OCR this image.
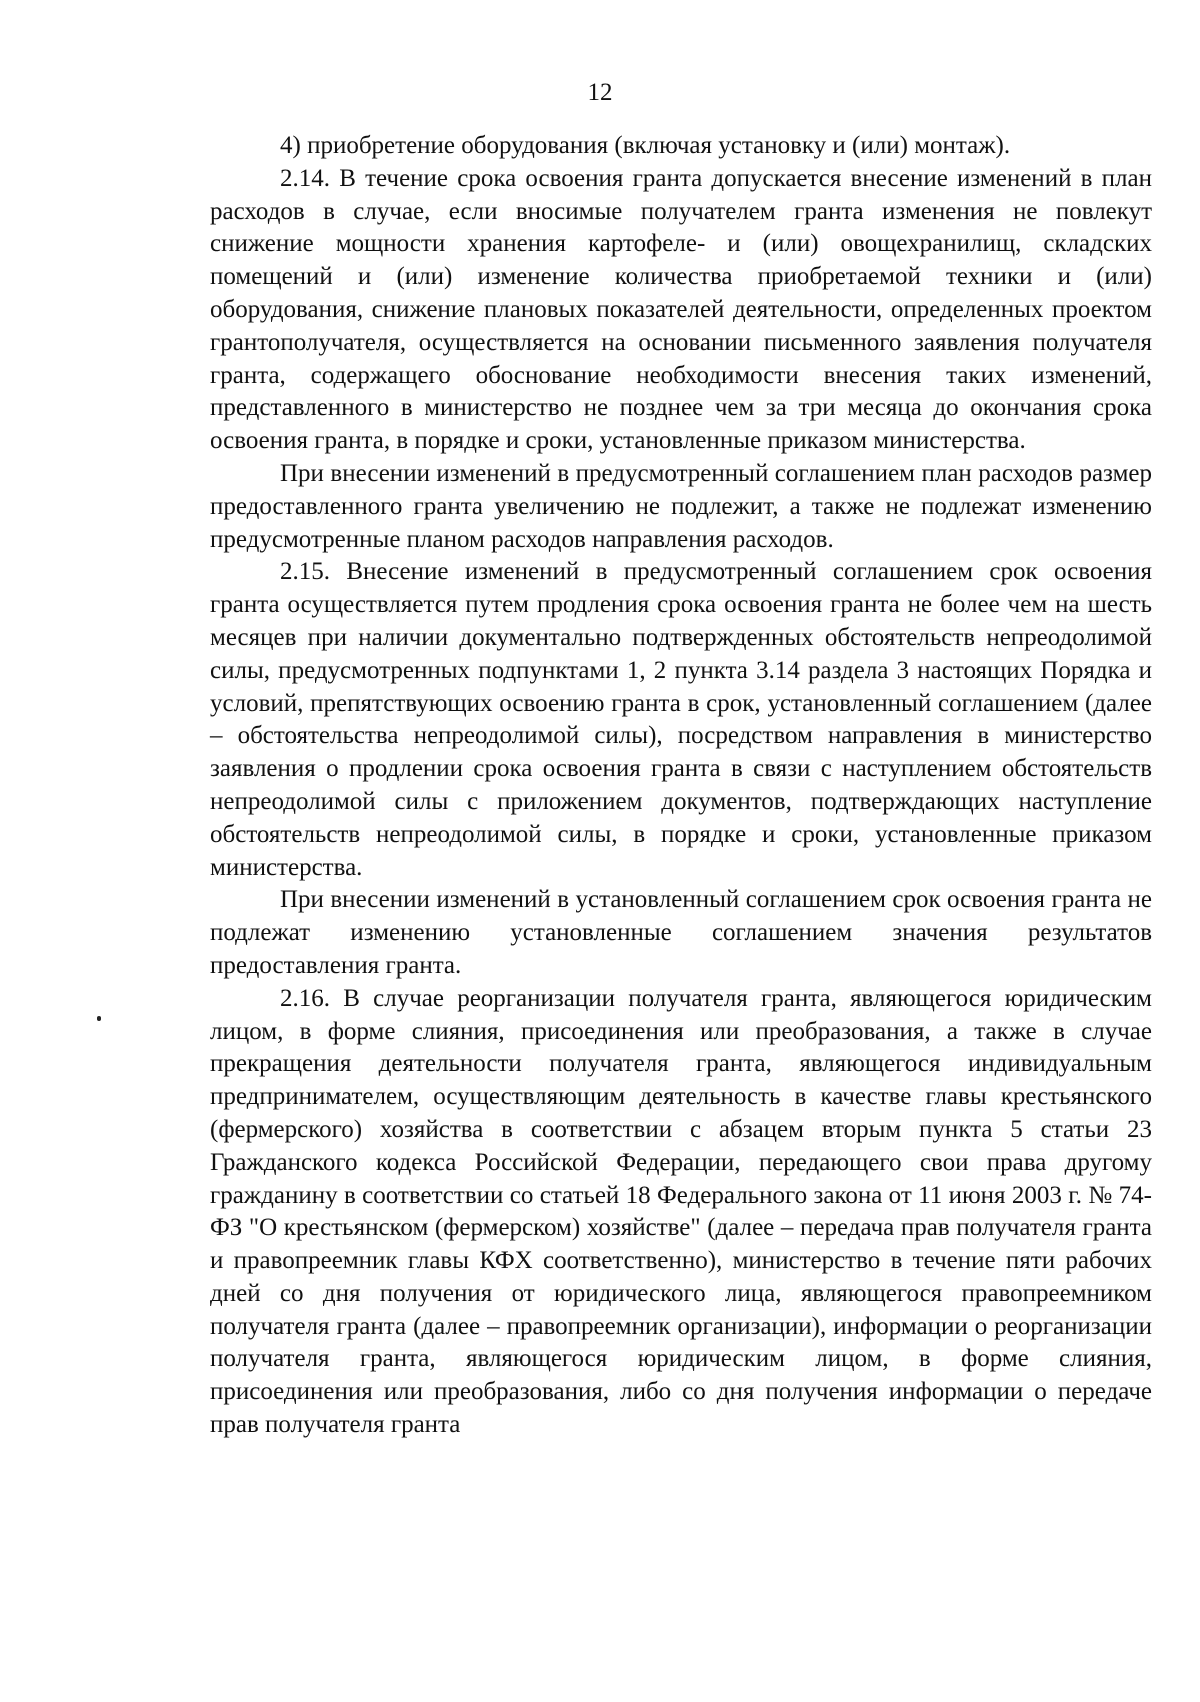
12

4) приобретение оборудования (включая установку и (или) монтаж).

2.14. В течение срока освоения гранта допускается внесение изменений в план расходов в случае, если вносимые получателем гранта изменения не повлекут снижение мощности хранения картофеле- и (или) овощехранилищ, складских помещений и (или) изменение количества приобретаемой техники и (или) оборудования, снижение плановых показателей деятельности, определенных проектом грантополучателя, осуществляется на основании письменного заявления получателя гранта, содержащего обоснование необходимости внесения таких изменений, представленного в министерство не позднее чем за три месяца до окончания срока освоения гранта, в порядке и сроки, установленные приказом министерства.

При внесении изменений в предусмотренный соглашением план расходов размер предоставленного гранта увеличению не подлежит, а также не подлежат изменению предусмотренные планом расходов направления расходов.

2.15. Внесение изменений в предусмотренный соглашением срок освоения гранта осуществляется путем продления срока освоения гранта не более чем на шесть месяцев при наличии документально подтвержденных обстоятельств непреодолимой силы, предусмотренных подпунктами 1, 2 пункта 3.14 раздела 3 настоящих Порядка и условий, препятствующих освоению гранта в срок, установленный соглашением (далее – обстоятельства непреодолимой силы), посредством направления в министерство заявления о продлении срока освоения гранта в связи с наступлением обстоятельств непреодолимой силы с приложением документов, подтверждающих наступление обстоятельств непреодолимой силы, в порядке и сроки, установленные приказом министерства.

При внесении изменений в установленный соглашением срок освоения гранта не подлежат изменению установленные соглашением значения результатов предоставления гранта.

2.16. В случае реорганизации получателя гранта, являющегося юридическим лицом, в форме слияния, присоединения или преобразования, а также в случае прекращения деятельности получателя гранта, являющегося индивидуальным предпринимателем, осуществляющим деятельность в качестве главы крестьянского (фермерского) хозяйства в соответствии с абзацем вторым пункта 5 статьи 23 Гражданского кодекса Российской Федерации, передающего свои права другому гражданину в соответствии со статьей 18 Федерального закона от 11 июня 2003 г. № 74-ФЗ "О крестьянском (фермерском) хозяйстве" (далее – передача прав получателя гранта и правопреемник главы КФХ соответственно), министерство в течение пяти рабочих дней со дня получения от юридического лица, являющегося правопреемником получателя гранта (далее – правопреемник организации), информации о реорганизации получателя гранта, являющегося юридическим лицом, в форме слияния, присоединения или преобразования, либо со дня получения информации о передаче прав получателя гранта
